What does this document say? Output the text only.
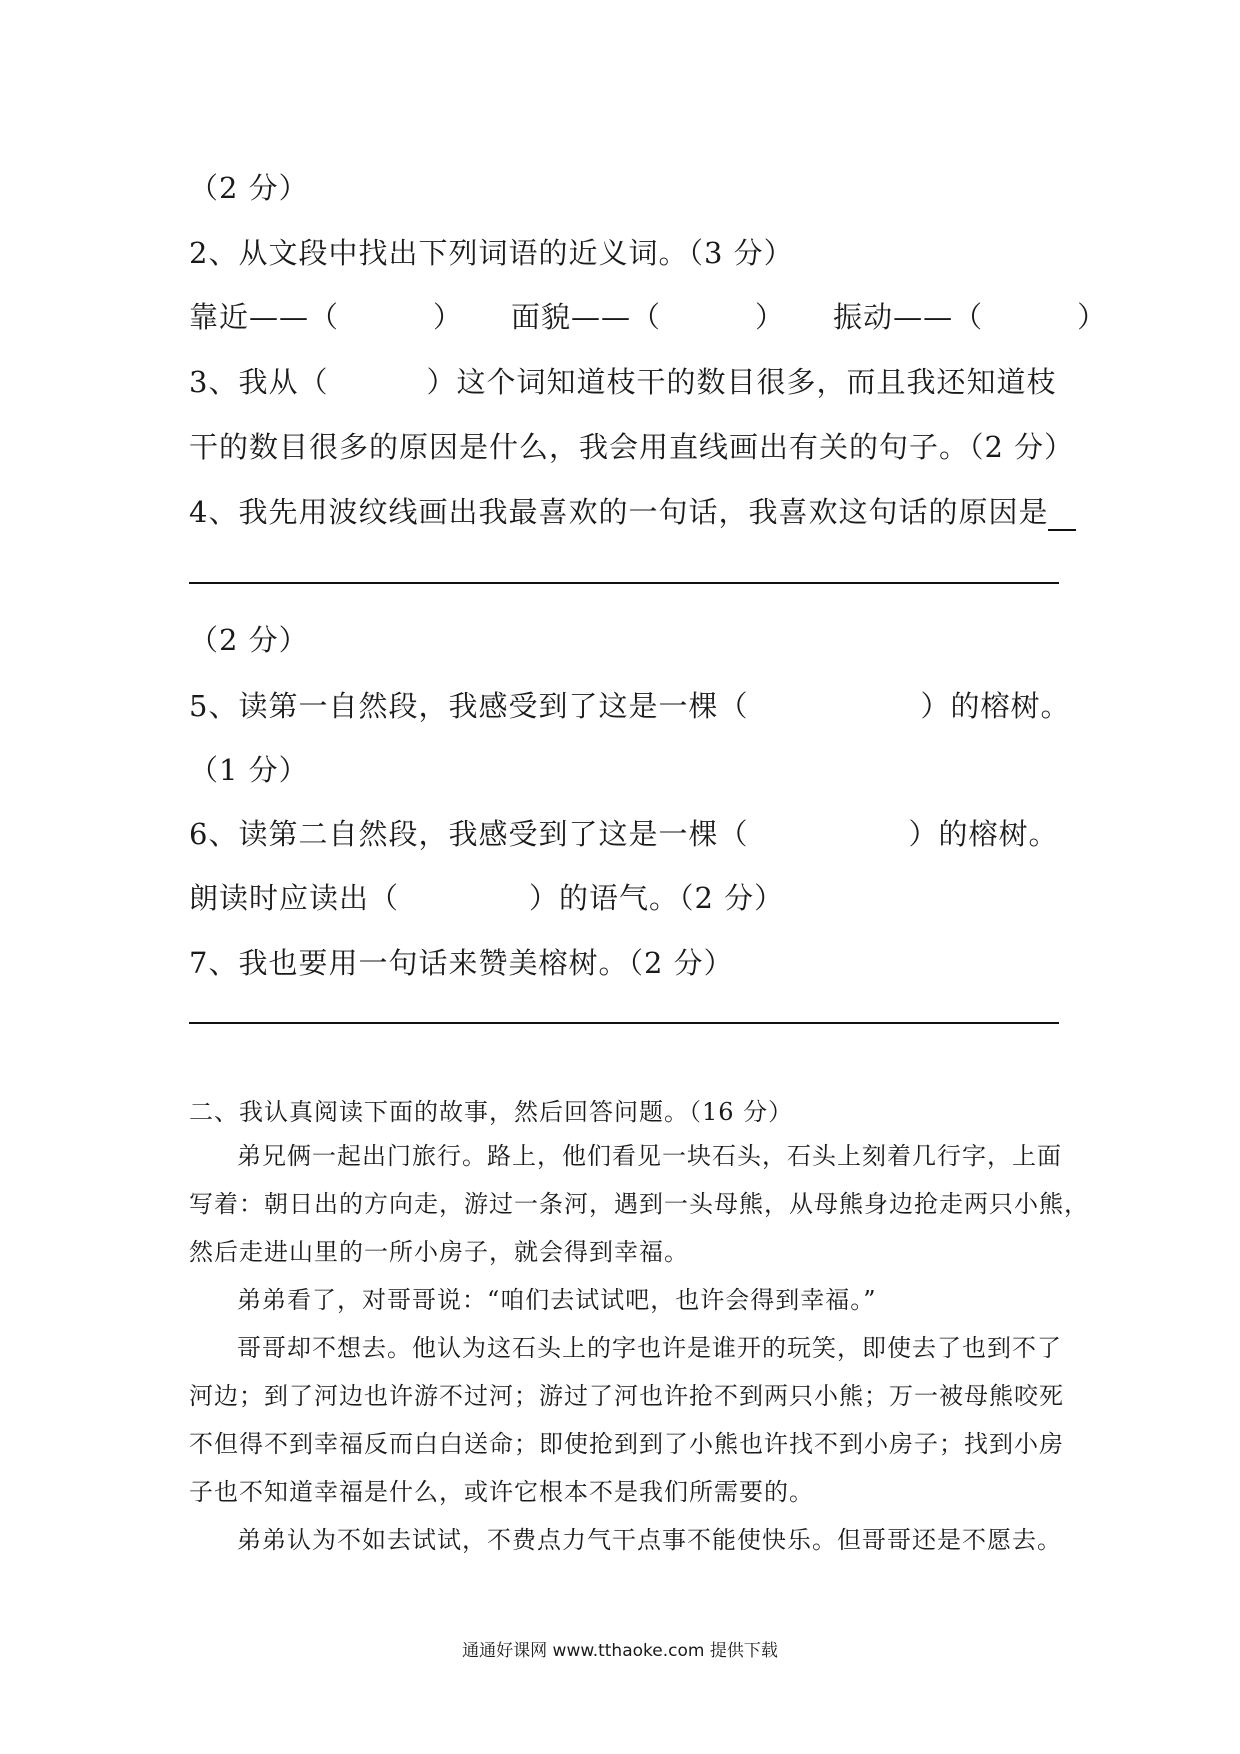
（2 分）
2、从文段中找出下列词语的近义词。（3 分）
靠近——（	） 面貌——（	） 振动——（	）
3、我从（	）这个词知道枝干的数目很多，而且我还知道枝
干的数目很多的原因是什么，我会用直线画出有关的句子。（2 分）
4、我先用波纹线画出我最喜欢的一句话，我喜欢这句话的原因是
（2 分）
5、读第一自然段，我感受到了这是一棵（	）的榕树。
（1 分）
6、读第二自然段，我感受到了这是一棵（	）的榕树。
朗读时应读出（	）的语气。（2 分）
7、我也要用一句话来赞美榕树。（2 分）
二、我认真阅读下面的故事，然后回答问题。（16 分）
弟兄俩一起出门旅行。路上，他们看见一块石头，石头上刻着几行字，上面
写着：朝日出的方向走，游过一条河，遇到一头母熊，从母熊身边抢走两只小熊，
然后走进山里的一所小房子，就会得到幸福。
弟弟看了，对哥哥说：“咱们去试试吧，也许会得到幸福。”
哥哥却不想去。他认为这石头上的字也许是谁开的玩笑，即使去了也到不了
河边；到了河边也许游不过河；游过了河也许抢不到两只小熊；万一被母熊咬死
不但得不到幸福反而白白送命；即使抢到到了小熊也许找不到小房子；找到小房
子也不知道幸福是什么，或许它根本不是我们所需要的。
弟弟认为不如去试试，不费点力气干点事不能使快乐。但哥哥还是不愿去。
通通好课网 www.tthaoke.com 提供下载
